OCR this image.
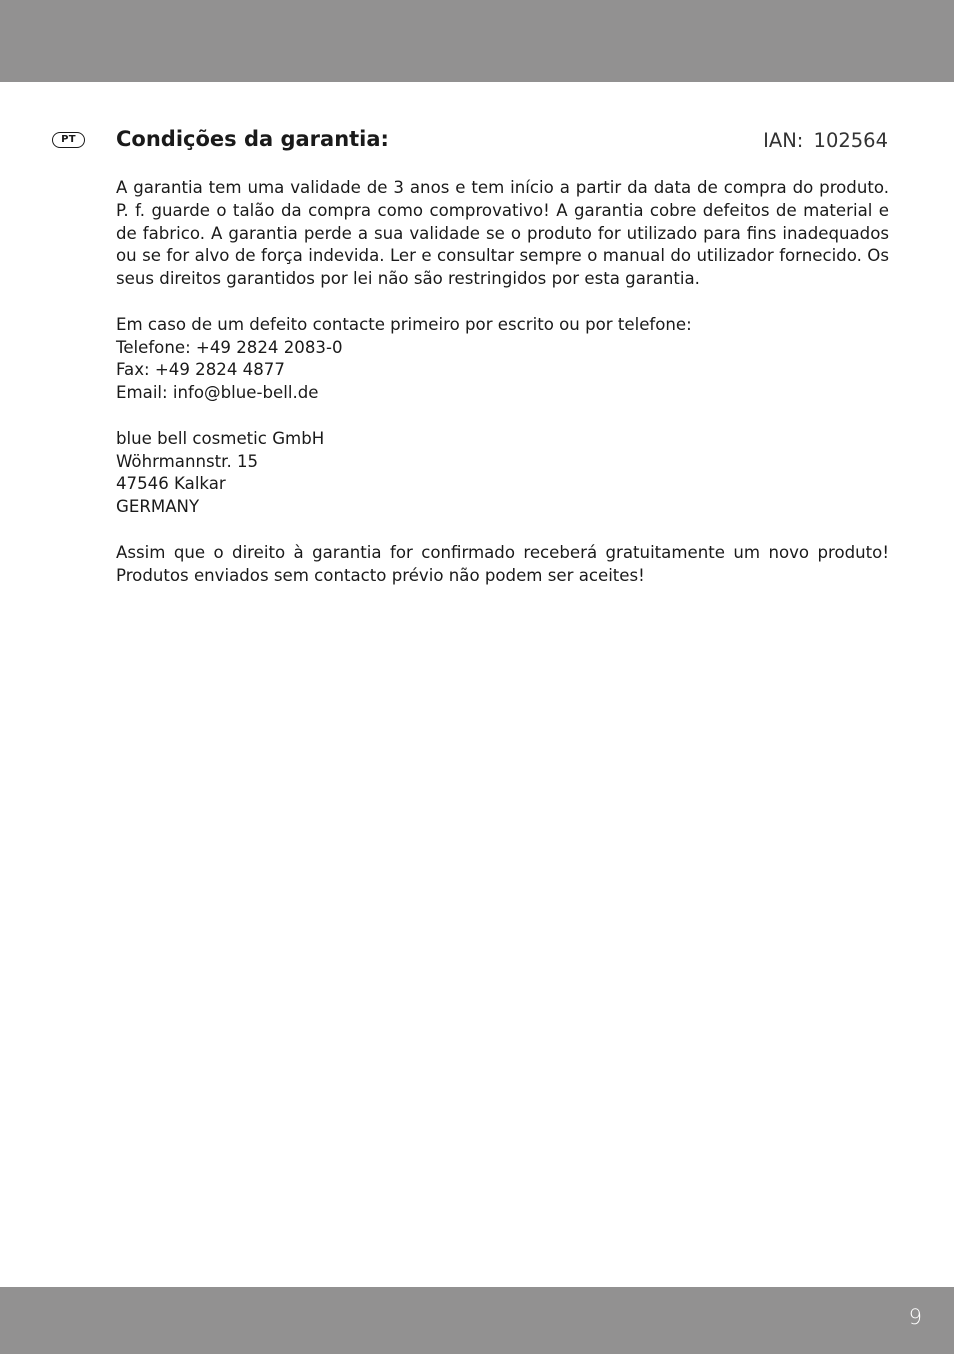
PT	Condições da garantia:	IAN: 102564

A garantia tem uma validade de 3 anos e tem início a partir da data de compra do produto. P. f. guarde o talão da compra como comprovativo! A garantia cobre defeitos de material e de fabrico. A garantia perde a sua validade se o produto for utilizado para fins inadequados ou se for alvo de força indevida. Ler e consultar sempre o manual do utilizador fornecido. Os seus direitos garantidos por lei não são restringidos por esta garantia.

Em caso de um defeito contacte primeiro por escrito ou por telefone:

Telefone: +49 2824 2083-0

Fax: +49 2824 4877

Email: info@blue-bell.de

blue bell cosmetic GmbH

Wöhrmannstr. 15

47546 Kalkar

GERMANY

Assim que o direito à garantia for confirmado receberá gratuitamente um novo produto! Produtos enviados sem contacto prévio não podem ser aceites!

9
